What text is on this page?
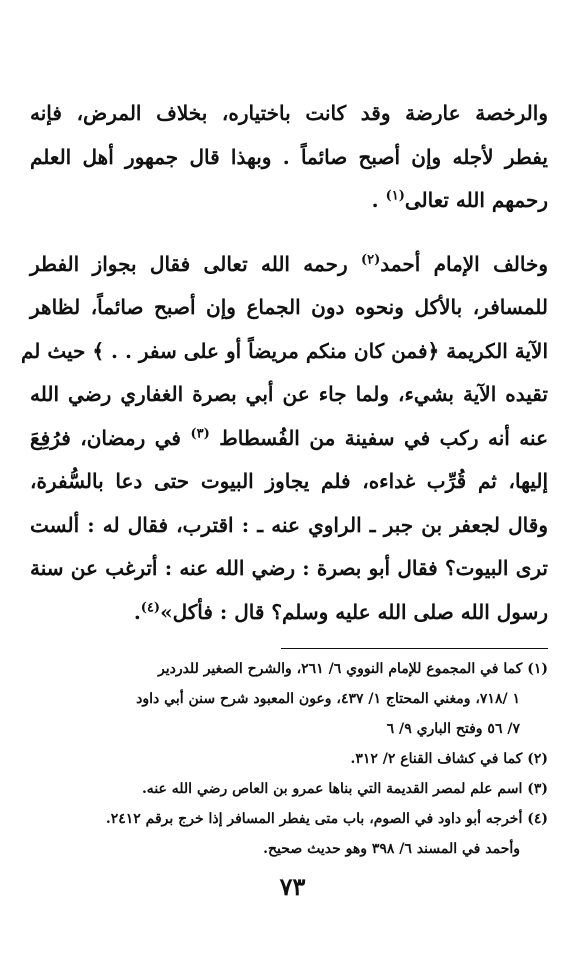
والرخصة عارضة وقد كانت باختياره، بخلاف المرض، فإنه
يفطر لأجله وإن أصبح صائماً . وبهذا قال جمهور أهل العلم
رحمهم الله تعالى$^{(١)}$ .

وخالف الإمام أحمد$^{(٢)}$ رحمه الله تعالى فقال بجواز الفطر
للمسافر، بالأكل ونحوه دون الجماع وإن أصبح صائماً، لظاهر
الآية الكريمة ﴿فمن كان منكم مريضاً أو على سفر . . ﴾ حيث لم
تقيده الآية بشيء، ولما جاء عن أبي بصرة الغفاري رضي الله
عنه أنه ركب في سفينة من الفُسطاط $^{(٣)}$ في رمضان، فرُفِعَ
إليها، ثم قُرِّب غداءه، فلم يجاوز البيوت حتى دعا بالسُّفرة،
وقال لجعفر بن جبر ـ الراوي عنه ـ : اقترب، فقال له : ألست
ترى البيوت؟ فقال أبو بصرة : رضي الله عنه : أترغب عن سنة
رسول الله صلى الله عليه وسلم؟ قال : فأكل»$^{(٤)}$.

(١) كما في المجموع للإمام النووي ٦/ ٢٦١، والشرح الصغير للدردير
١ /٧١٨، ومغني المحتاج ١/ ٤٣٧، وعون المعبود شرح سنن أبي داود
٧/ ٥٦ وفتح الباري ٩/ ٦
(٢) كما في كشاف القناع ٢/ ٣١٢.
(٣) اسم علم لمصر القديمة التي بناها عمرو بن العاص رضي الله عنه.
(٤) أخرجه أبو داود في الصوم، باب متى يفطر المسافر إذا خرج برقم ٢٤١٢.
وأحمد في المسند ٦/ ٣٩٨ وهو حديث صحيح.
٧٣
